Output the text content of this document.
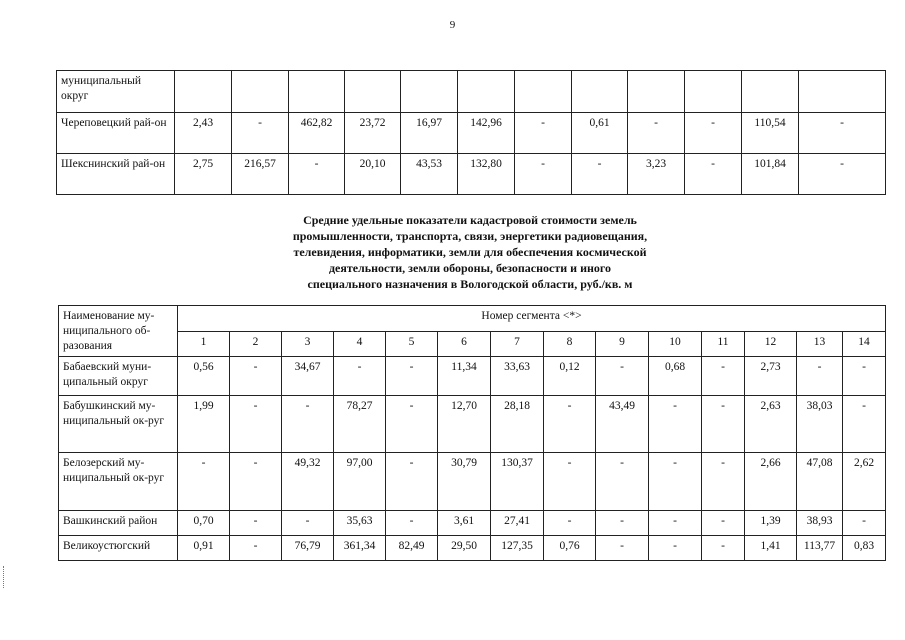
9
муниципальный округ												
Череповецкий рай-он	2,43	-	462,82	23,72	16,97	142,96	-	0,61	-	-	110,54	-
Шекснинский рай-он	2,75	216,57	-	20,10	43,53	132,80	-	-	3,23	-	101,84	-
Средние удельные показатели кадастровой стоимости земель
промышленности, транспорта, связи, энергетики радиовещания,
телевидения, информатики, земли для обеспечения космической
деятельности, земли обороны, безопасности и иного
специального назначения в Вологодской области, руб./кв. м
Наименование му-ниципального об-разования	Номер сегмента <*>													
	1	2	3	4	5	6	7	8	9	10	11	12	13	14
Бабаевский муни-ципальный округ	0,56	-	34,67	-	-	11,34	33,63	0,12	-	0,68	-	2,73	-	-
Бабушкинский му-ниципальный ок-руг	1,99	-	-	78,27	-	12,70	28,18	-	43,49	-	-	2,63	38,03	-
Белозерский му-ниципальный ок-руг	-	-	49,32	97,00	-	30,79	130,37	-	-	-	-	2,66	47,08	2,62
Вашкинский район	0,70	-	-	35,63	-	3,61	27,41	-	-	-	-	1,39	38,93	-
Великоустюгский	0,91	-	76,79	361,34	82,49	29,50	127,35	0,76	-	-	-	1,41	113,77	0,83
